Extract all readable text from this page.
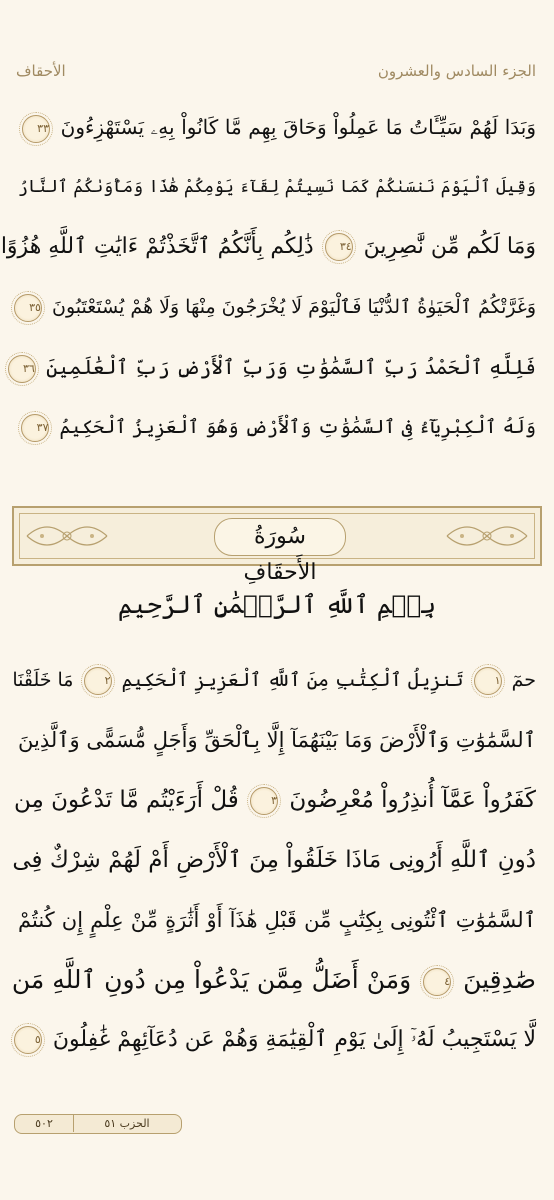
الأحقاف	الجزء السادس والعشرون
وَبَدَا لَهُمْ سَيِّـَٔاتُ مَا عَمِلُواْ وَحَاقَ بِهِم مَّا كَانُواْ بِهِۦ يَسْتَهْزِءُونَ ٣٣
وَقِيلَ ٱلْيَوْمَ نَنسَىٰكُمْ كَمَا نَسِيتُمْ لِقَآءَ يَوْمِكُمْ هَٰذَا وَمَأْوَىٰكُمُ ٱلنَّارُ
وَمَا لَكُم مِّن نَّٰصِرِينَ ٣٤ ذَٰلِكُم بِأَنَّكُمُ ٱتَّخَذْتُمْ ءَايَٰتِ ٱللَّهِ هُزُوًا
وَغَرَّتْكُمُ ٱلْحَيَوٰةُ ٱلدُّنْيَا فَٱلْيَوْمَ لَا يُخْرَجُونَ مِنْهَا وَلَا هُمْ يُسْتَعْتَبُونَ ٣٥
فَلِلَّهِ ٱلْحَمْدُ رَبِّ ٱلسَّمَٰوَٰتِ وَرَبِّ ٱلْأَرْضِ رَبِّ ٱلْعَٰلَمِينَ ٣٦
وَلَهُ ٱلْكِبْرِيَآءُ فِى ٱلسَّمَٰوَٰتِ وَٱلْأَرْضِ وَهُوَ ٱلْعَزِيزُ ٱلْحَكِيمُ ٣٧
سُورَةُ الأَحقَافِ
بِسۡمِ ٱللَّهِ ٱلرَّحۡمَٰنِ ٱلرَّحِيمِ
حمٓ ١ تَنزِيلُ ٱلْكِتَٰبِ مِنَ ٱللَّهِ ٱلْعَزِيزِ ٱلْحَكِيمِ ٢ مَا خَلَقْنَا
ٱلسَّمَٰوَٰتِ وَٱلْأَرْضَ وَمَا بَيْنَهُمَآ إِلَّا بِٱلْحَقِّ وَأَجَلٍ مُّسَمًّى وَٱلَّذِينَ
كَفَرُواْ عَمَّآ أُنذِرُواْ مُعْرِضُونَ ٣ قُلْ أَرَءَيْتُم مَّا تَدْعُونَ مِن
دُونِ ٱللَّهِ أَرُونِى مَاذَا خَلَقُواْ مِنَ ٱلْأَرْضِ أَمْ لَهُمْ شِرْكٌ فِى
ٱلسَّمَٰوَٰتِ ٱئْتُونِى بِكِتَٰبٍ مِّن قَبْلِ هَٰذَآ أَوْ أَثَٰرَةٍ مِّنْ عِلْمٍ إِن كُنتُمْ
صَٰدِقِينَ ٤ وَمَنْ أَضَلُّ مِمَّن يَدْعُواْ مِن دُونِ ٱللَّهِ مَن
لَّا يَسْتَجِيبُ لَهُۥٓ إِلَىٰ يَوْمِ ٱلْقِيَٰمَةِ وَهُمْ عَن دُعَآئِهِمْ غَٰفِلُونَ ٥
٥٠٢	الحزب ٥١
